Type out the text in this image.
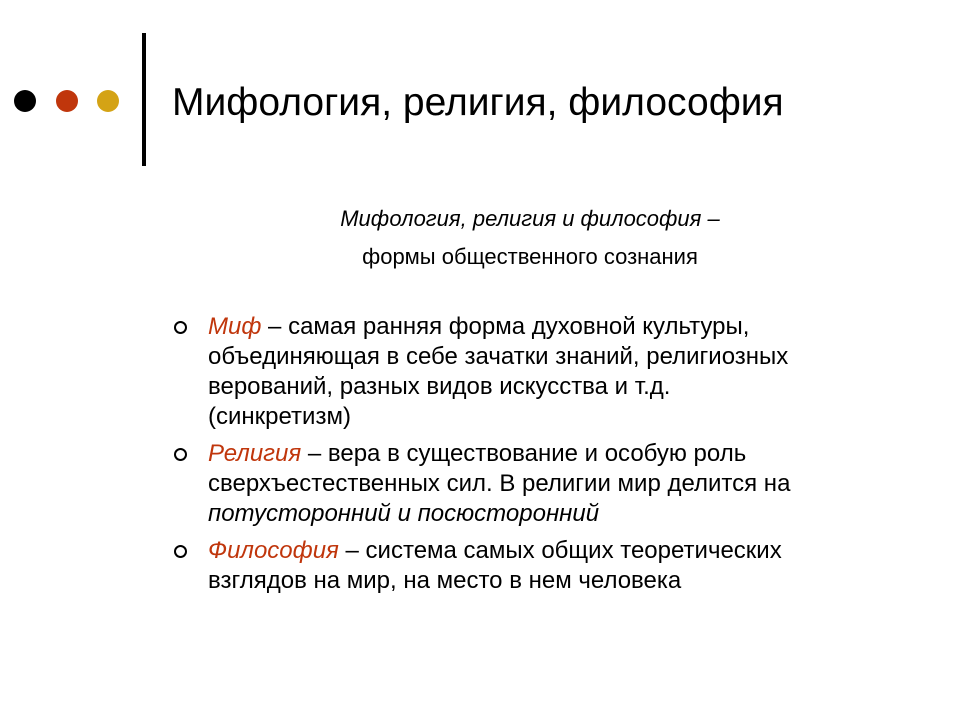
Мифология, религия, философия
Мифология, религия и философия –
формы общественного сознания
Миф – самая ранняя форма духовной культуры,
объединяющая в себе зачатки знаний, религиозных
верований, разных видов искусства и т.д.
(синкретизм)
Религия – вера в существование и особую роль
сверхъестественных сил. В религии мир делится на
потусторонний и посюсторонний
Философия – система самых общих теоретических
взглядов на мир, на место в нем человека
